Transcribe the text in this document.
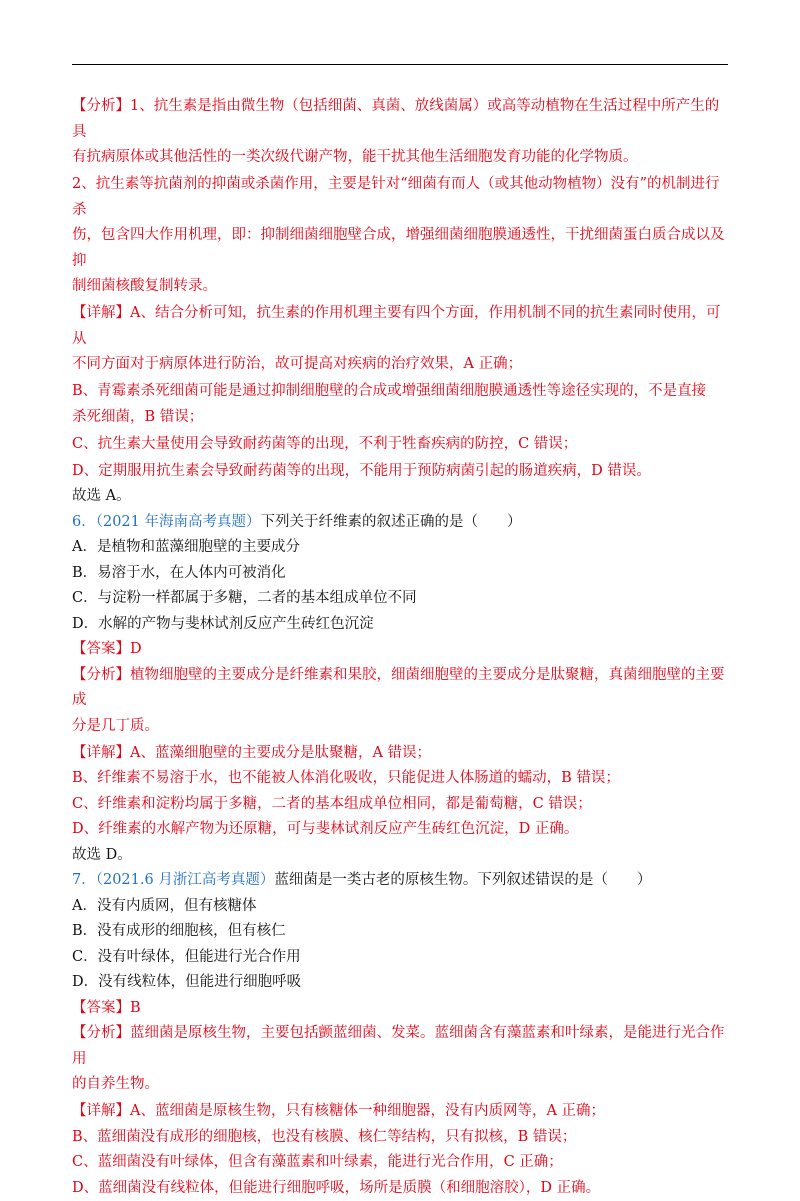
【分析】1、抗生素是指由微生物（包括细菌、真菌、放线菌属）或高等动植物在生活过程中所产生的具

有抗病原体或其他活性的一类次级代谢产物，能干扰其他生活细胞发育功能的化学物质。

2、抗生素等抗菌剂的抑菌或杀菌作用，主要是针对“细菌有而人（或其他动物植物）没有”的机制进行杀

伤，包含四大作用机理，即：抑制细菌细胞壁合成，增强细菌细胞膜通透性，干扰细菌蛋白质合成以及抑

制细菌核酸复制转录。

【详解】A、结合分析可知，抗生素的作用机理主要有四个方面，作用机制不同的抗生素同时使用，可从

不同方面对于病原体进行防治，故可提高对疾病的治疗效果，A 正确；

B、青霉素杀死细菌可能是通过抑制细胞壁的合成或增强细菌细胞膜通透性等途径实现的，不是直接

杀死细菌，B 错误；

C、抗生素大量使用会导致耐药菌等的出现，不利于牲畜疾病的防控，C 错误；

D、定期服用抗生素会导致耐药菌等的出现，不能用于预防病菌引起的肠道疾病，D 错误。

故选 A。

6．（2021 年海南高考真题）下列关于纤维素的叙述正确的是（　　）

A．是植物和蓝藻细胞壁的主要成分

B．易溶于水，在人体内可被消化

C．与淀粉一样都属于多糖，二者的基本组成单位不同

D．水解的产物与斐林试剂反应产生砖红色沉淀

【答案】D

【分析】植物细胞壁的主要成分是纤维素和果胶，细菌细胞壁的主要成分是肽聚糖，真菌细胞壁的主要成

分是几丁质。

【详解】A、蓝藻细胞壁的主要成分是肽聚糖，A 错误；

B、纤维素不易溶于水，也不能被人体消化吸收，只能促进人体肠道的蠕动，B 错误；

C、纤维素和淀粉均属于多糖，二者的基本组成单位相同，都是葡萄糖，C 错误；

D、纤维素的水解产物为还原糖，可与斐林试剂反应产生砖红色沉淀，D 正确。

故选 D。

7．（2021.6 月浙江高考真题）蓝细菌是一类古老的原核生物。下列叙述错误的是（　　）

A．没有内质网，但有核糖体

B．没有成形的细胞核，但有核仁

C．没有叶绿体，但能进行光合作用

D．没有线粒体，但能进行细胞呼吸

【答案】B

【分析】蓝细菌是原核生物，主要包括颤蓝细菌、发菜。蓝细菌含有藻蓝素和叶绿素，是能进行光合作用

的自养生物。

【详解】A、蓝细菌是原核生物，只有核糖体一种细胞器，没有内质网等，A 正确；

B、蓝细菌没有成形的细胞核，也没有核膜、核仁等结构，只有拟核，B 错误；

C、蓝细菌没有叶绿体，但含有藻蓝素和叶绿素，能进行光合作用，C 正确；

D、蓝细菌没有线粒体，但能进行细胞呼吸，场所是质膜（和细胞溶胶），D 正确。
